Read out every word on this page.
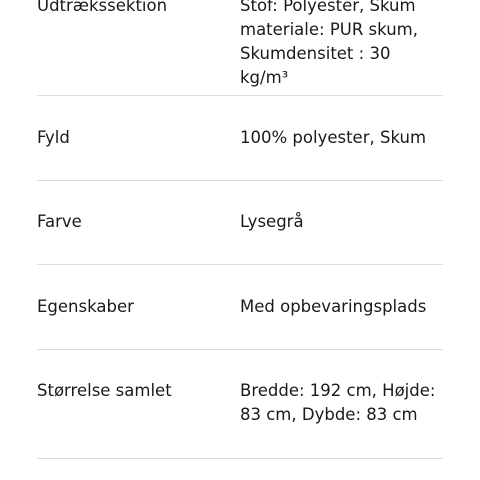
Udtrækssektion	Stof: Polyester, Skum
materiale: PUR skum,
Skumdensitet : 30 kg/m³
Fyld	100% polyester, Skum
Farve	Lysegrå
Egenskaber	Med opbevaringsplads
Størrelse samlet	Bredde: 192 cm, Højde:
83 cm, Dybde: 83 cm
